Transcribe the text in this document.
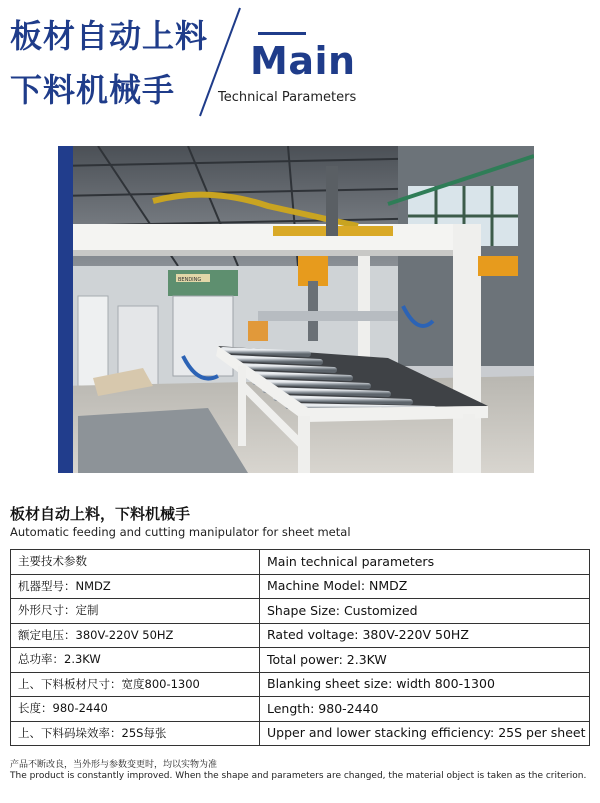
板材自动上料
下料机械手
Main
Technical Parameters
BENDING
板材自动上料，下料机械手
Automatic feeding and cutting manipulator for sheet metal
主要技术参数	Main technical parameters
机器型号：NMDZ	Machine Model: NMDZ
外形尺寸：定制	Shape Size: Customized
额定电压：380V-220V 50HZ	Rated voltage: 380V-220V 50HZ
总功率：2.3KW	Total power: 2.3KW
上、下料板材尺寸：宽度800-1300	Blanking sheet size: width 800-1300
长度：980-2440	Length: 980-2440
上、下料码垛效率：25S每张	Upper and lower stacking efficiency: 25S per sheet
产品不断改良，当外形与参数变更时，均以实物为准
The product is constantly improved. When the shape and parameters are changed, the material object is taken as the criterion.
